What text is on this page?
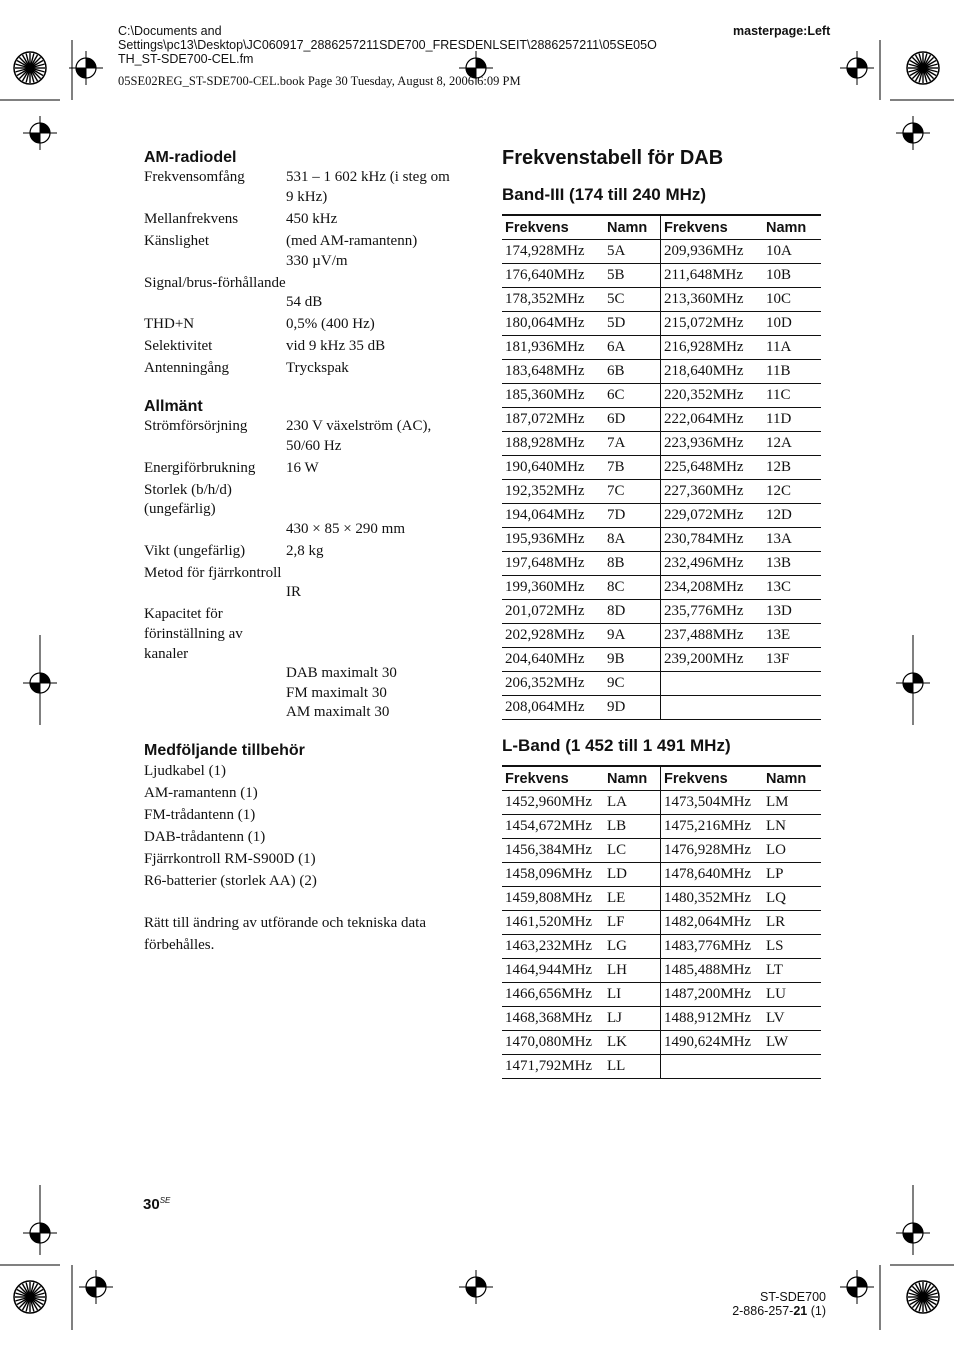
C:\Documents and
Settings\pc13\Desktop\JC060917_2886257211SDE700_FRESDENLSEIT\2886257211\05SE05O
TH_ST-SDE700-CEL.fm
masterpage:Left
05SE02REG_ST-SDE700-CEL.book Page 30 Tuesday, August 8, 2006 6:09 PM
AM-radiodel
Frekvensomfång	531 – 1 602 kHz (i steg om
9 kHz)
Mellanfrekvens	450 kHz
Känslighet	(med AM-ramantenn)
330 µV/m
Signal/brus-förhållande
54 dB
THD+N	0,5% (400 Hz)
Selektivitet	vid 9 kHz 35 dB
Antenningång	Tryckspak
Allmänt
Strömförsörjning	230 V växelström (AC),
50/60 Hz
Energiförbrukning	16 W
Storlek (b/h/d) (ungefärlig)
430 × 85 × 290 mm
Vikt (ungefärlig)	2,8 kg
Metod för fjärrkontroll
IR
Kapacitet för förinställning av kanaler
DAB maximalt 30
FM maximalt 30
AM maximalt 30
Medföljande tillbehör
Ljudkabel (1)
AM-ramantenn (1)
FM-trådantenn (1)
DAB-trådantenn (1)
Fjärrkontroll RM-S900D (1)
R6-batterier (storlek AA) (2)
Rätt till ändring av utförande och tekniska data
förbehålles.
Frekvenstabell för DAB
Band-III (174 till 240 MHz)
Frekvens	Namn	Frekvens	Namn
174,928MHz	5A	209,936MHz	10A
176,640MHz	5B	211,648MHz	10B
178,352MHz	5C	213,360MHz	10C
180,064MHz	5D	215,072MHz	10D
181,936MHz	6A	216,928MHz	11A
183,648MHz	6B	218,640MHz	11B
185,360MHz	6C	220,352MHz	11C
187,072MHz	6D	222,064MHz	11D
188,928MHz	7A	223,936MHz	12A
190,640MHz	7B	225,648MHz	12B
192,352MHz	7C	227,360MHz	12C
194,064MHz	7D	229,072MHz	12D
195,936MHz	8A	230,784MHz	13A
197,648MHz	8B	232,496MHz	13B
199,360MHz	8C	234,208MHz	13C
201,072MHz	8D	235,776MHz	13D
202,928MHz	9A	237,488MHz	13E
204,640MHz	9B	239,200MHz	13F
206,352MHz	9C		
208,064MHz	9D		
L-Band (1 452 till 1 491 MHz)
Frekvens	Namn	Frekvens	Namn
1452,960MHz	LA	1473,504MHz	LM
1454,672MHz	LB	1475,216MHz	LN
1456,384MHz	LC	1476,928MHz	LO
1458,096MHz	LD	1478,640MHz	LP
1459,808MHz	LE	1480,352MHz	LQ
1461,520MHz	LF	1482,064MHz	LR
1463,232MHz	LG	1483,776MHz	LS
1464,944MHz	LH	1485,488MHz	LT
1466,656MHz	LI	1487,200MHz	LU
1468,368MHz	LJ	1488,912MHz	LV
1470,080MHz	LK	1490,624MHz	LW
1471,792MHz	LL		
$30^{SE}$
ST-SDE700
2-886-257-21 (1)
